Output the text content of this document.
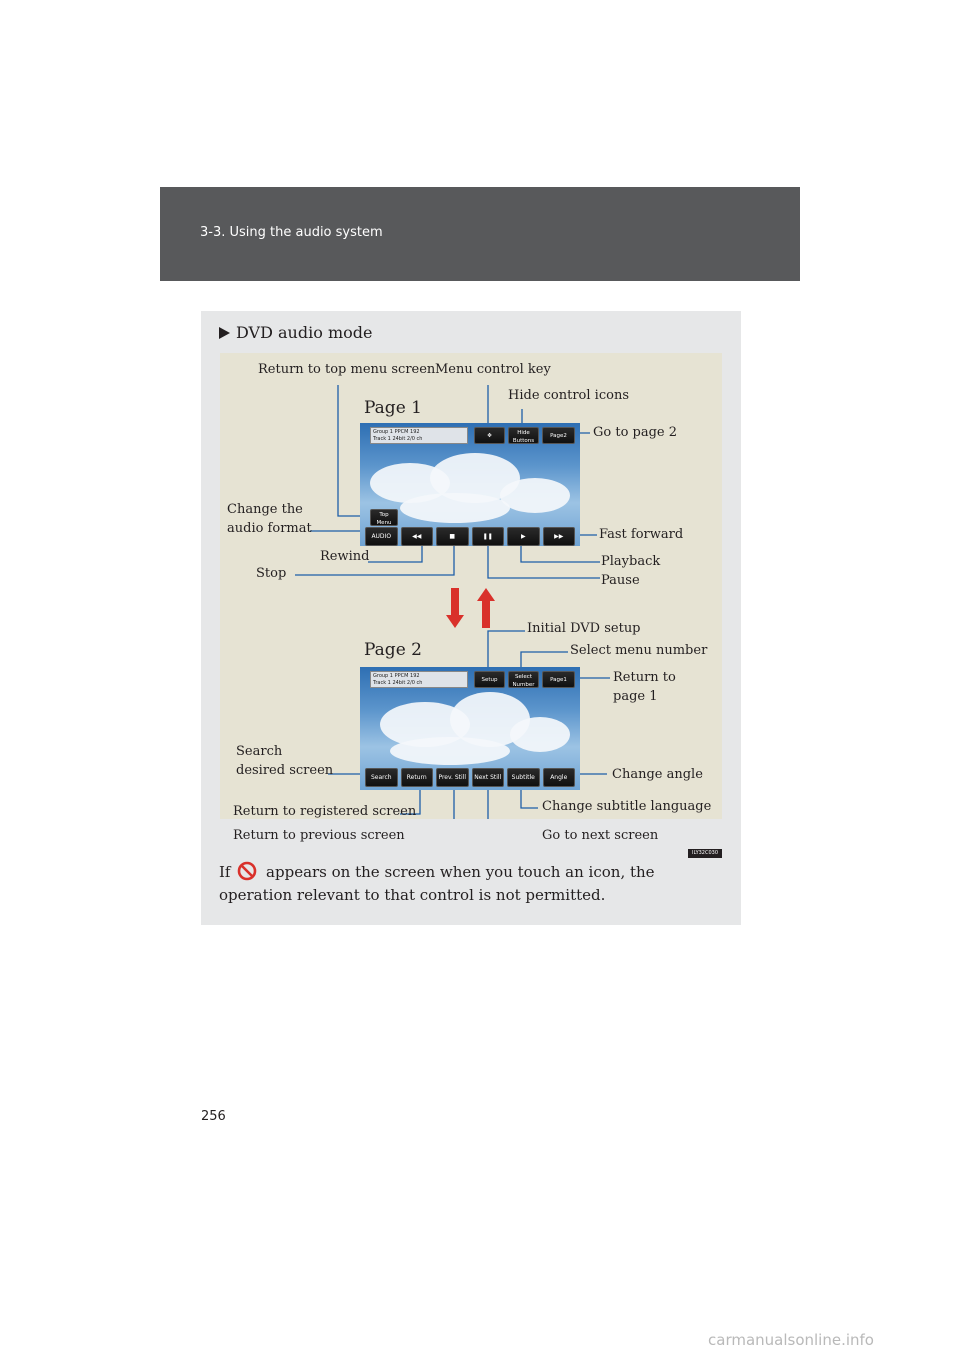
3-3. Using the audio system
DVD audio mode
Page 1
Group 1 PPCM 192
Track 1 24bit 2/0 ch	✥	Hide Buttons
Page2
Top Menu
AUDIO	◀◀	■	❚❚	▶	▶▶
Return to top menu screen Menu control key
Hide control icons
Go to page 2
Change the
audio format	Fast forward
Rewind	Playback
Stop	Pause
Page 2
Group 1 PPCM 192
Track 1 24bit 2/0 ch	Setup	Select Number
Page1
Search	Return	Prev. Still	Next Still	Subtitle	Angle
Initial DVD setup
Select menu number
Return to
page 1
Search
desired screen	Change angle
Return to registered screen	Change subtitle language
Return to previous screen	Go to next screen
ILY32C030
If appears on the screen when you touch an icon, the operation relevant to that control is not permitted.
256
carmanualsonline.info
